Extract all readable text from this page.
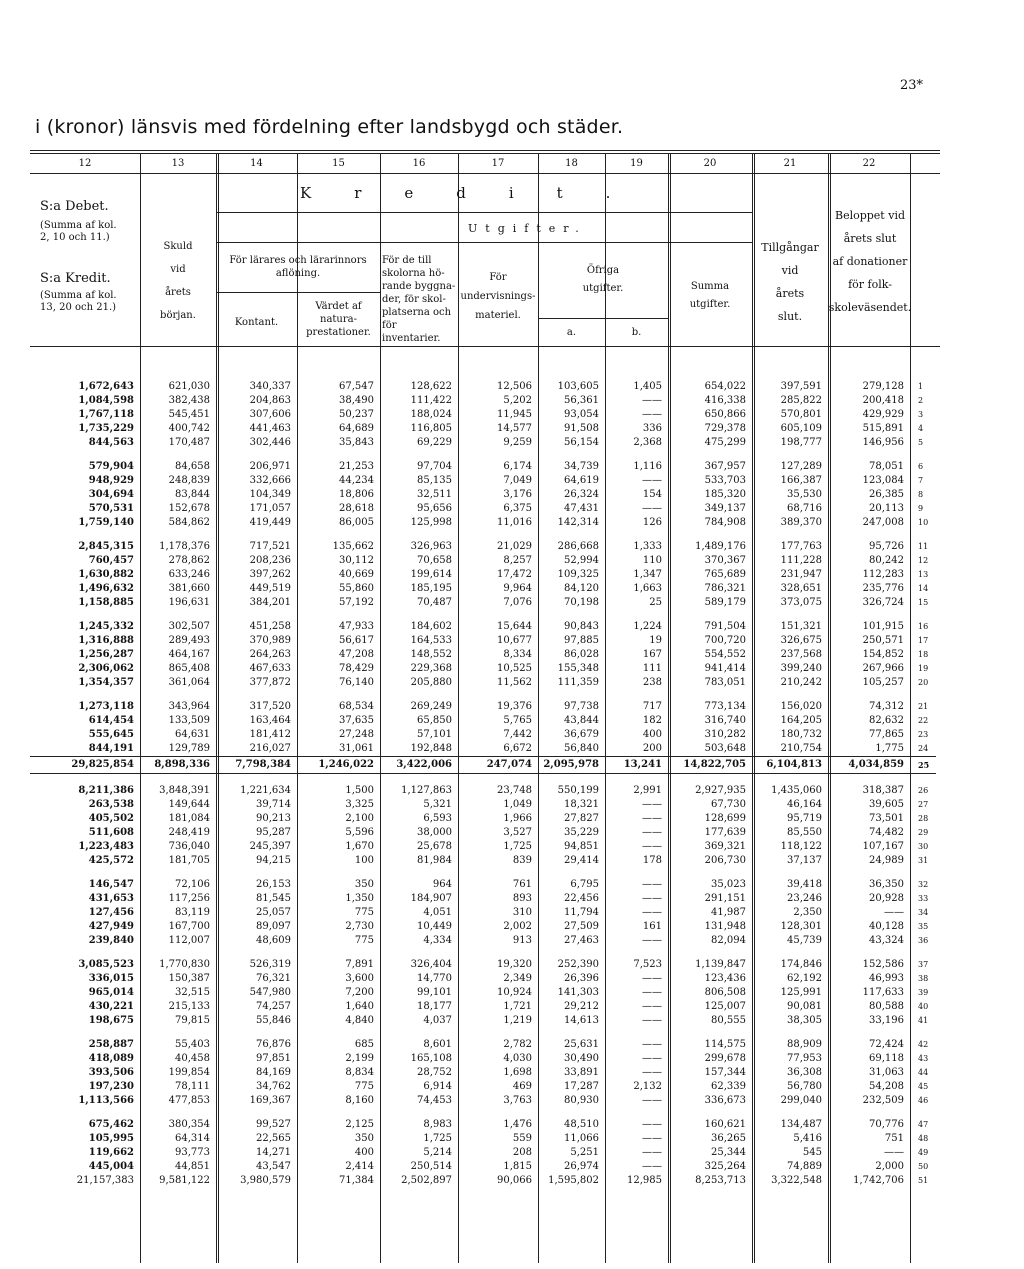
23*
i (kronor) länsvis med fördelning efter landsbygd och städer.
12	13	14	15	16	17	18	19	20	21	22
S:a Debet.
(Summa af kol.
2, 10 och 11.)
S:a Kredit.
(Summa af kol.
13, 20 och 21.)
Skuld
vid
årets
början.
Kredit.
Utgifter.
För lärares och lärarinnors
aflöning.
Kontant.
Värdet af
natura-
prestationer.
För de till
skolorna hö-
rande byggna-
der, för skol-
platserna och
för inventarier.
För
undervisnings-
materiel.
Öfriga
utgifter.
a.	b.
Summa
utgifter.
Tillgångar
vid
årets
slut.
Beloppet vid
årets slut
af donationer
för folk-
skoleväsendet.
1,672,643	621,030	340,337	67,547	128,622	12,506	103,605	1,405	654,022	397,591	279,128	1
1,084,598	382,438	204,863	38,490	111,422	5,202	56,361	——	416,338	285,822	200,418	2
1,767,118	545,451	307,606	50,237	188,024	11,945	93,054	——	650,866	570,801	429,929	3
1,735,229	400,742	441,463	64,689	116,805	14,577	91,508	336	729,378	605,109	515,891	4
844,563	170,487	302,446	35,843	69,229	9,259	56,154	2,368	475,299	198,777	146,956	5

579,904	84,658	206,971	21,253	97,704	6,174	34,739	1,116	367,957	127,289	78,051	6
948,929	248,839	332,666	44,234	85,135	7,049	64,619	——	533,703	166,387	123,084	7
304,694	83,844	104,349	18,806	32,511	3,176	26,324	154	185,320	35,530	26,385	8
570,531	152,678	171,057	28,618	95,656	6,375	47,431	——	349,137	68,716	20,113	9
1,759,140	584,862	419,449	86,005	125,998	11,016	142,314	126	784,908	389,370	247,008	10

2,845,315	1,178,376	717,521	135,662	326,963	21,029	286,668	1,333	1,489,176	177,763	95,726	11
760,457	278,862	208,236	30,112	70,658	8,257	52,994	110	370,367	111,228	80,242	12
1,630,882	633,246	397,262	40,669	199,614	17,472	109,325	1,347	765,689	231,947	112,283	13
1,496,632	381,660	449,519	55,860	185,195	9,964	84,120	1,663	786,321	328,651	235,776	14
1,158,885	196,631	384,201	57,192	70,487	7,076	70,198	25	589,179	373,075	326,724	15

1,245,332	302,507	451,258	47,933	184,602	15,644	90,843	1,224	791,504	151,321	101,915	16
1,316,888	289,493	370,989	56,617	164,533	10,677	97,885	19	700,720	326,675	250,571	17
1,256,287	464,167	264,263	47,208	148,552	8,334	86,028	167	554,552	237,568	154,852	18
2,306,062	865,408	467,633	78,429	229,368	10,525	155,348	111	941,414	399,240	267,966	19
1,354,357	361,064	377,872	76,140	205,880	11,562	111,359	238	783,051	210,242	105,257	20

1,273,118	343,964	317,520	68,534	269,249	19,376	97,738	717	773,134	156,020	74,312	21
614,454	133,509	163,464	37,635	65,850	5,765	43,844	182	316,740	164,205	82,632	22
555,645	64,631	181,412	27,248	57,101	7,442	36,679	400	310,282	180,732	77,865	23
844,191	129,789	216,027	31,061	192,848	6,672	56,840	200	503,648	210,754	1,775	24
29,825,854	8,898,336	7,798,384	1,246,022	3,422,006	247,074	2,095,978	13,241	14,822,705	6,104,813	4,034,859	25

8,211,386	3,848,391	1,221,634	1,500	1,127,863	23,748	550,199	2,991	2,927,935	1,435,060	318,387	26
263,538	149,644	39,714	3,325	5,321	1,049	18,321	——	67,730	46,164	39,605	27
405,502	181,084	90,213	2,100	6,593	1,966	27,827	——	128,699	95,719	73,501	28
511,608	248,419	95,287	5,596	38,000	3,527	35,229	——	177,639	85,550	74,482	29
1,223,483	736,040	245,397	1,670	25,678	1,725	94,851	——	369,321	118,122	107,167	30
425,572	181,705	94,215	100	81,984	839	29,414	178	206,730	37,137	24,989	31

146,547	72,106	26,153	350	964	761	6,795	——	35,023	39,418	36,350	32
431,653	117,256	81,545	1,350	184,907	893	22,456	——	291,151	23,246	20,928	33
127,456	83,119	25,057	775	4,051	310	11,794	——	41,987	2,350	——	34
427,949	167,700	89,097	2,730	10,449	2,002	27,509	161	131,948	128,301	40,128	35
239,840	112,007	48,609	775	4,334	913	27,463	——	82,094	45,739	43,324	36

3,085,523	1,770,830	526,319	7,891	326,404	19,320	252,390	7,523	1,139,847	174,846	152,586	37
336,015	150,387	76,321	3,600	14,770	2,349	26,396	——	123,436	62,192	46,993	38
965,014	32,515	547,980	7,200	99,101	10,924	141,303	——	806,508	125,991	117,633	39
430,221	215,133	74,257	1,640	18,177	1,721	29,212	——	125,007	90,081	80,588	40
198,675	79,815	55,846	4,840	4,037	1,219	14,613	——	80,555	38,305	33,196	41

258,887	55,403	76,876	685	8,601	2,782	25,631	——	114,575	88,909	72,424	42
418,089	40,458	97,851	2,199	165,108	4,030	30,490	——	299,678	77,953	69,118	43
393,506	199,854	84,169	8,834	28,752	1,698	33,891	——	157,344	36,308	31,063	44
197,230	78,111	34,762	775	6,914	469	17,287	2,132	62,339	56,780	54,208	45
1,113,566	477,853	169,367	8,160	74,453	3,763	80,930	——	336,673	299,040	232,509	46

675,462	380,354	99,527	2,125	8,983	1,476	48,510	——	160,621	134,487	70,776	47
105,995	64,314	22,565	350	1,725	559	11,066	——	36,265	5,416	751	48
119,662	93,773	14,271	400	5,214	208	5,251	——	25,344	545	——	49
445,004	44,851	43,547	2,414	250,514	1,815	26,974	——	325,264	74,889	2,000	50
21,157,383	9,581,122	3,980,579	71,384	2,502,897	90,066	1,595,802	12,985	8,253,713	3,322,548	1,742,706	51
